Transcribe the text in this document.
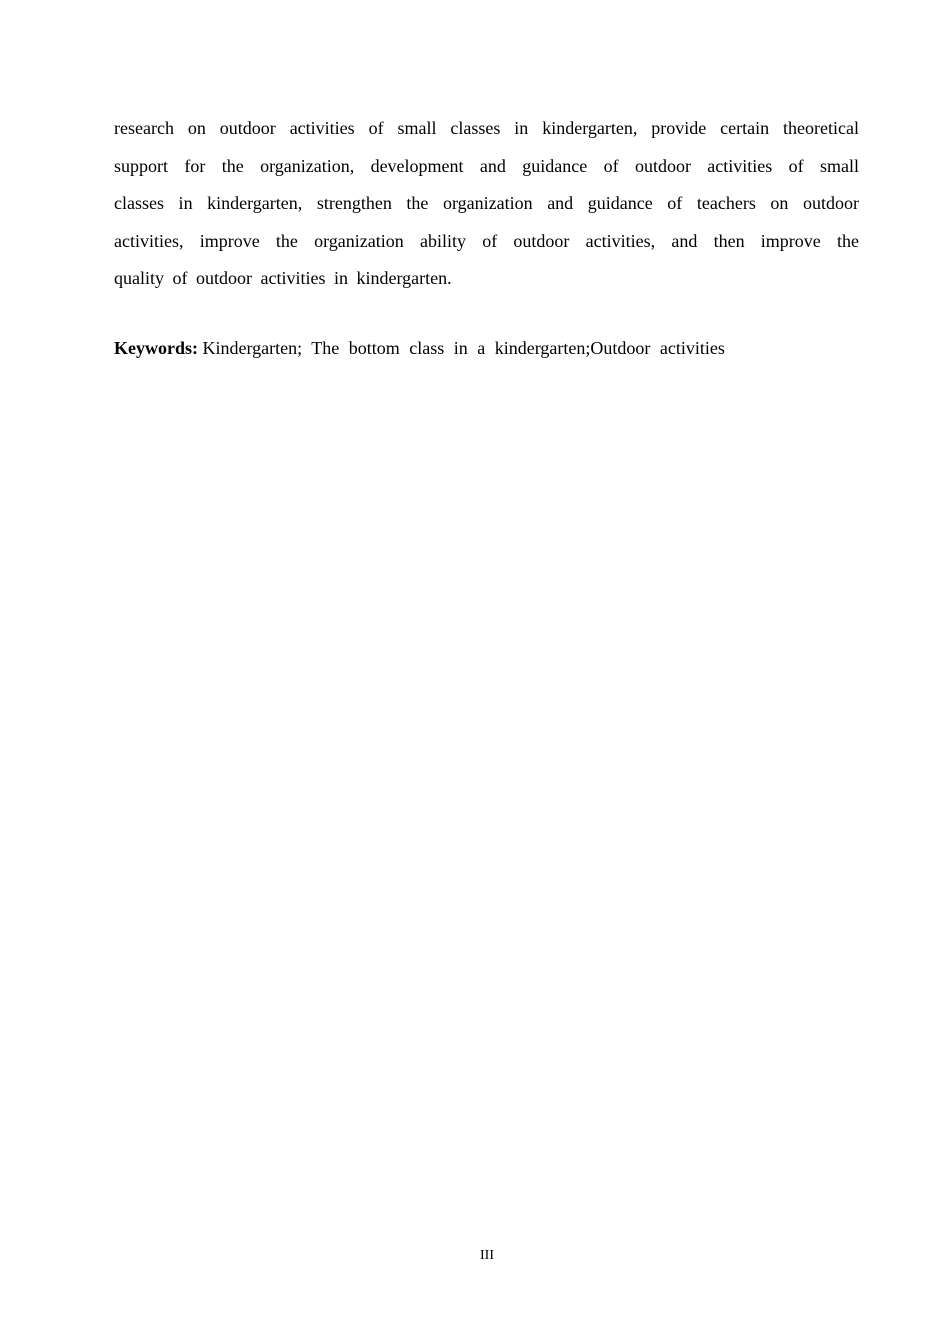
research on outdoor activities of small classes in kindergarten, provide certain theoretical
support for the organization, development and guidance of outdoor activities of small
classes in kindergarten, strengthen the organization and guidance of teachers on outdoor
activities, improve the organization ability of outdoor activities, and then improve the
quality of outdoor activities in kindergarten.

Keywords: Kindergarten; The bottom class in a kindergarten;Outdoor activities

III
